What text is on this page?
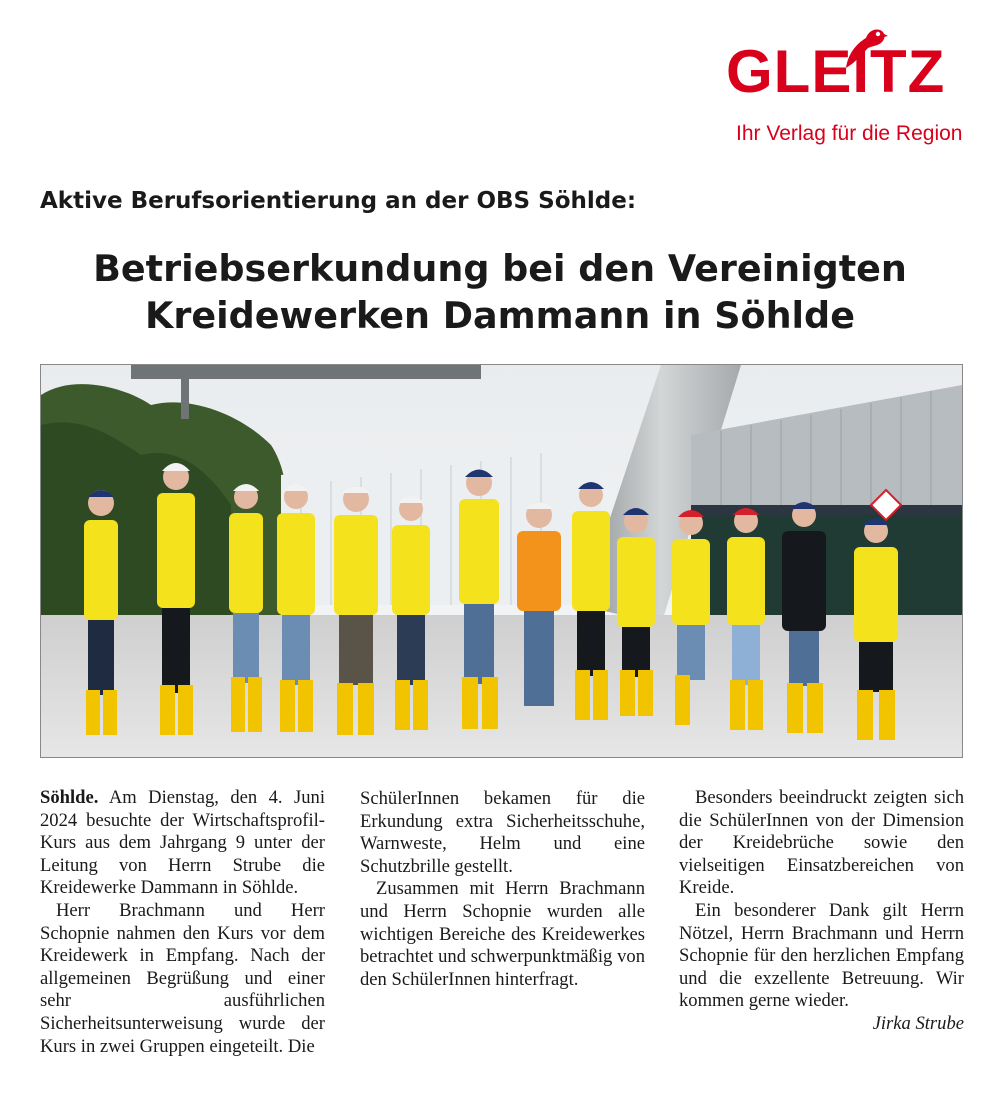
GLEITZ
Ihr Verlag für die Region
Aktive Berufsorientierung an der OBS Söhlde:
Betriebserkundung bei den Vereinigten
Kreidewerken Dammann in Söhlde

Söhlde. Am Dienstag, den 4. Juni 2024 besuchte der Wirtschaftsprofil-Kurs aus dem Jahrgang 9 unter der Leitung von Herrn Strube die Kreidewerke Dammann in Söhlde.

Herr Brachmann und Herr Schopnie nahmen den Kurs vor dem Kreidewerk in Empfang. Nach der allgemeinen Begrüßung und einer sehr ausführlichen Sicherheitsunterweisung wurde der Kurs in zwei Gruppen eingeteilt. Die

SchülerInnen bekamen für die Erkundung extra Sicherheitsschuhe, Warnweste, Helm und eine Schutzbrille gestellt.

Zusammen mit Herrn Brachmann und Herrn Schopnie wurden alle wichtigen Bereiche des Kreidewerkes betrachtet und schwerpunktmäßig von den SchülerInnen hinterfragt.

Besonders beeindruckt zeigten sich die SchülerInnen von der Dimension der Kreidebrüche sowie den vielseitigen Einsatzbereichen von Kreide.

Ein besonderer Dank gilt Herrn Nötzel, Herrn Brachmann und Herrn Schopnie für den herzlichen Empfang und die exzellente Betreuung. Wir kommen gerne wieder.

Jirka Strube
